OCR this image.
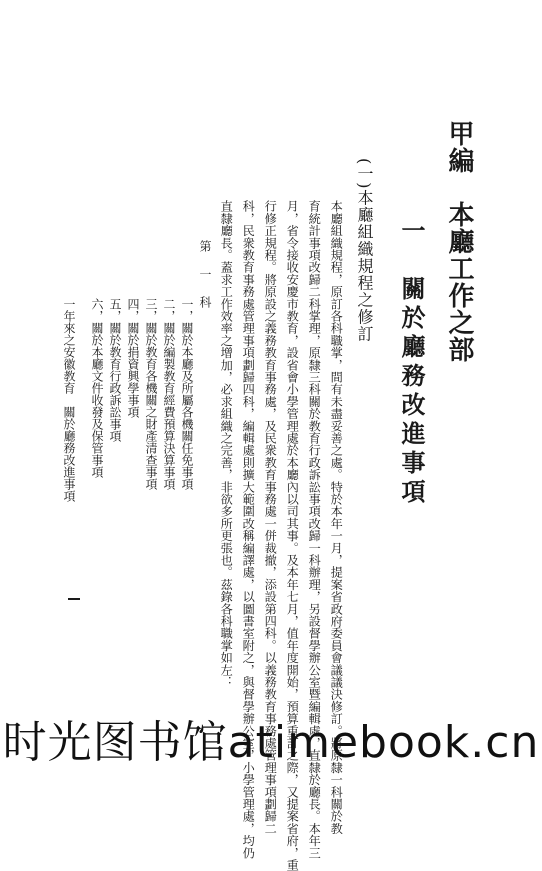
甲編　本廳工作之部
一　關於廳務改進事項
(一)本廳組織規程之修訂
本廳組織規程，原訂各科職掌，間有未盡妥善之處。特於本年一月，提案省政府委員會議議決修訂。將原隸一科關於教
育統計事項改歸二科掌理，原隸三科關於教育行政訴訟事項改歸一科辦理，另設督學辦公室暨編輯處，直隸於廳長。本年三
月，省令接收安慶市教育，設省會小學管理處於本廳內以司其事。及本年七月，值年度開始，預算重訂之際，又提案省府，重
行修正規程。將原設之義務教育事務處，及民衆教育事務處一併裁撤，添設第四科。以義務教育事務處管理事項劃歸二
科，民衆教育事務處管理事項劃歸四科，編輯處則擴大範圍改稱編譯處，以圖書室附之，與督學辦公室，小學管理處，均仍
直隸廳長。蓋求工作效率之增加，必求組織之完善，非欲多所更張也。茲錄各科職掌如左：
第　一　科
一，關於本廳及所屬各機關任免事項
二，關於編製教育經費預算決算事項
三，關於教育各機關之財產清查事項
四，關於捐資興學事項
五，關於教育行政訴訟事項
六，關於本廳文件收發及保管事項
一年來之安徽教育　關於廳務改進事項
时光图书馆atimebook.cn
